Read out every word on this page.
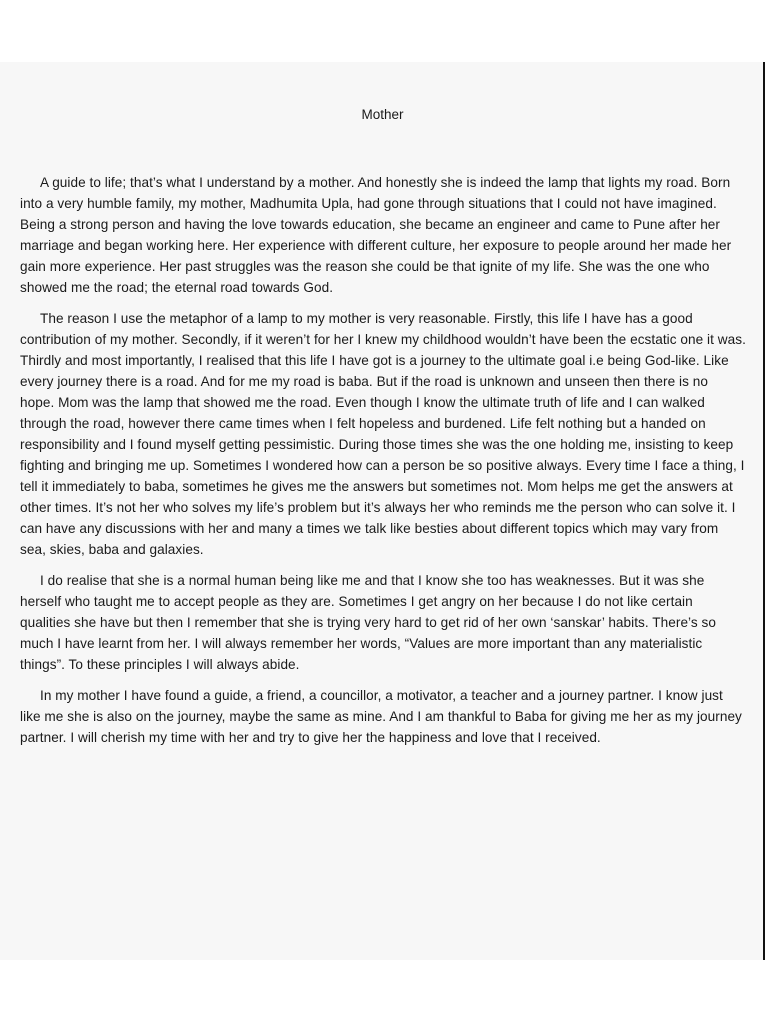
Mother

A guide to life; that’s what I understand by a mother. And honestly she is indeed the lamp that lights my road. Born into a very humble family, my mother, Madhumita Upla, had gone through situations that I could not have imagined. Being a strong person and having the love towards education, she became an engineer and came to Pune after her marriage and began working here. Her experience with different culture, her exposure to people around her made her gain more experience. Her past struggles was the reason she could be that ignite of my life. She was the one who showed me the road; the eternal road towards God.

The reason I use the metaphor of a lamp to my mother is very reasonable. Firstly, this life I have has a good contribution of my mother. Secondly, if it weren’t for her I knew my childhood wouldn’t have been the ecstatic one it was. Thirdly and most importantly, I realised that this life I have got is a journey to the ultimate goal i.e being God-like. Like every journey there is a road. And for me my road is baba. But if the road is unknown and unseen then there is no hope. Mom was the lamp that showed me the road. Even though I know the ultimate truth of life and I can walked through the road, however there came times when I felt hopeless and burdened. Life felt nothing but a handed on responsibility and I found myself getting pessimistic. During those times she was the one holding me, insisting to keep fighting and bringing me up. Sometimes I wondered how can a person be so positive always. Every time I face a thing, I tell it immediately to baba, sometimes he gives me the answers but sometimes not. Mom helps me get the answers at other times. It’s not her who solves my life’s problem but it’s always her who reminds me the person who can solve it. I can have any discussions with her and many a times we talk like besties about different topics which may vary from sea, skies, baba and galaxies.

I do realise that she is a normal human being like me and that I know she too has weaknesses. But it was she herself who taught me to accept people as they are. Sometimes I get angry on her because I do not like certain qualities she have but then I remember that she is trying very hard to get rid of her own ‘sanskar’ habits. There’s so much I have learnt from her. I will always remember her words, “Values are more important than any materialistic things”. To these principles I will always abide.

In my mother I have found a guide, a friend, a councillor, a motivator, a teacher and a journey partner. I know just like me she is also on the journey, maybe the same as mine. And I am thankful to Baba for giving me her as my journey partner. I will cherish my time with her and try to give her the happiness and love that I received.
